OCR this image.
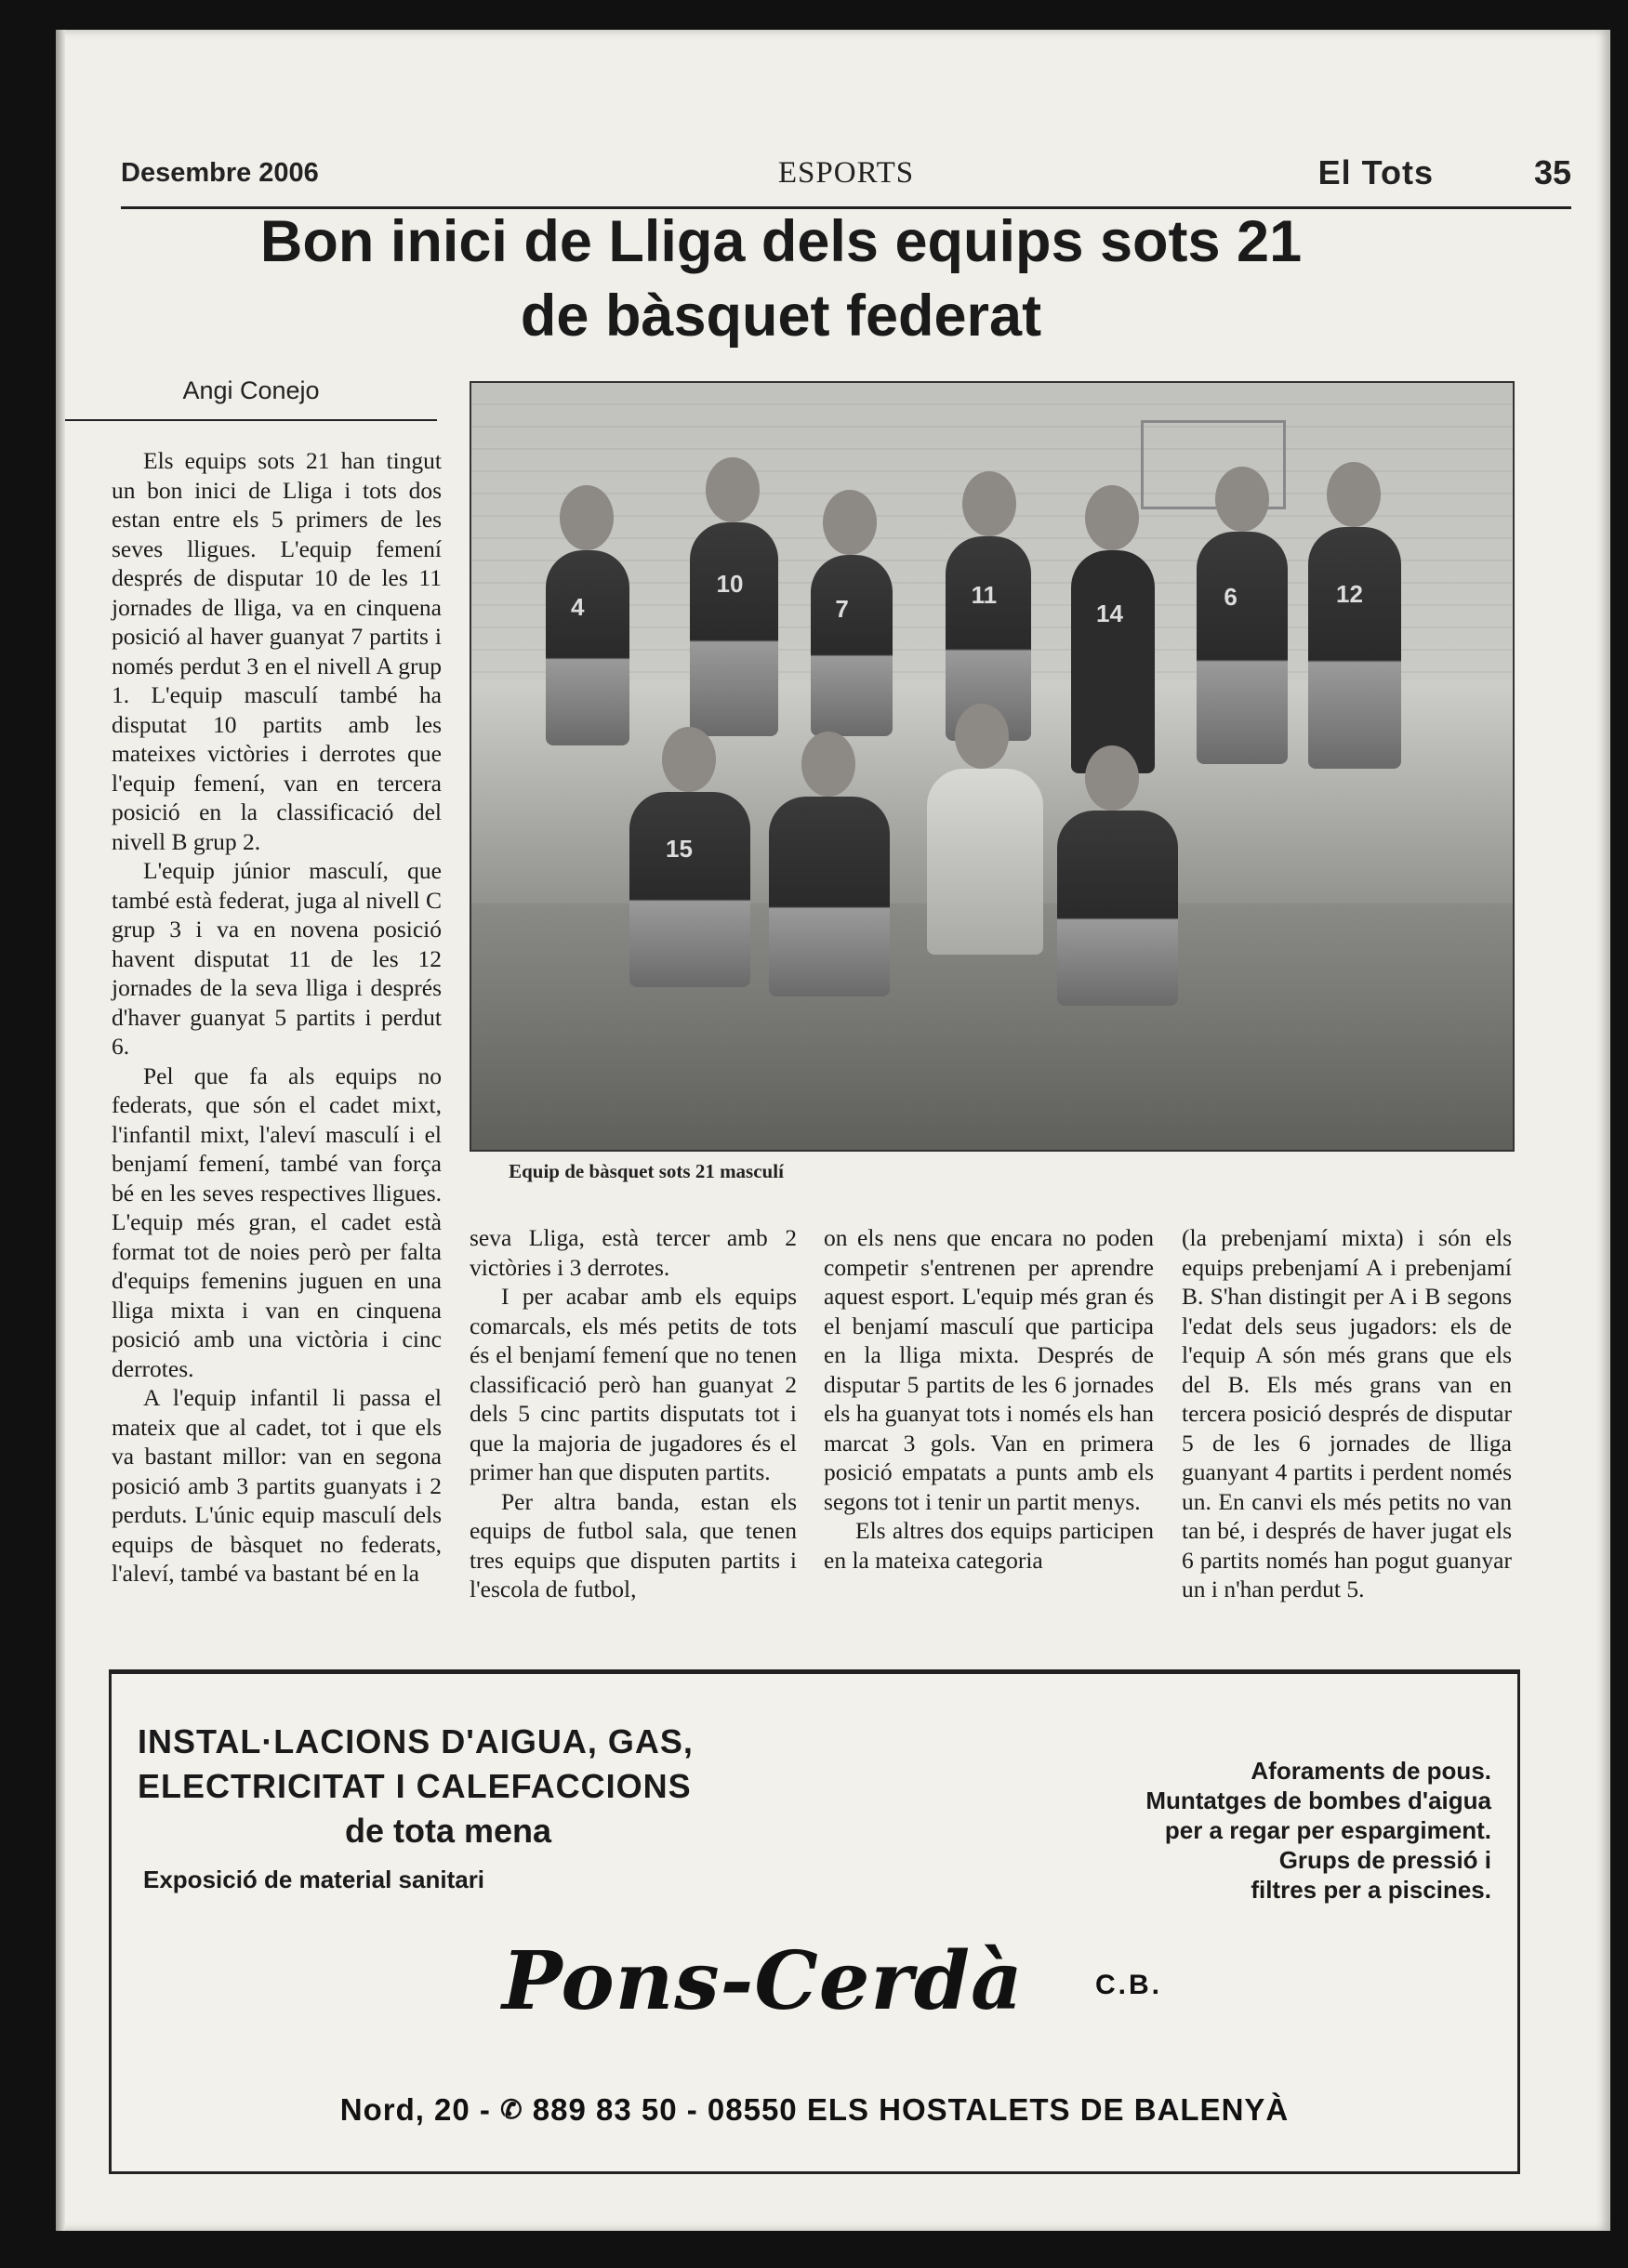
Desembre 2006	ESPORTS	El Tots	35
Bon inici de Lliga dels equips sots 21
de bàsquet federat
Angi Conejo
4
10
7	11
14
6	12
15
Equip de bàsquet sots 21 masculí

Els equips sots 21 han tingut un bon inici de Lliga i tots dos estan entre els 5 primers de les seves lligues. L'equip femení després de disputar 10 de les 11 jornades de lliga, va en cinquena posició al haver guanyat 7 partits i només perdut 3 en el nivell A grup 1. L'equip masculí també ha disputat 10 partits amb les mateixes victòries i derrotes que l'equip femení, van en tercera posició en la classificació del nivell B grup 2.

L'equip júnior masculí, que també està federat, juga al nivell C grup 3 i va en novena posició havent disputat 11 de les 12 jornades de la seva lliga i després d'haver guanyat 5 partits i perdut 6.

Pel que fa als equips no federats, que són el cadet mixt, l'infantil mixt, l'aleví masculí i el benjamí femení, també van força bé en les seves respectives lligues. L'equip més gran, el cadet està format tot de noies però per falta d'equips femenins juguen en una lliga mixta i van en cinquena posició amb una victòria i cinc derrotes.

A l'equip infantil li passa el mateix que al cadet, tot i que els va bastant millor: van en segona posició amb 3 partits guanyats i 2 perduts. L'únic equip masculí dels equips de bàsquet no federats, l'aleví, també va bastant bé en la

seva Lliga, està tercer amb 2 victòries i 3 derrotes.

I per acabar amb els equips comarcals, els més petits de tots és el benjamí femení que no tenen classificació però han guanyat 2 dels 5 cinc partits disputats tot i que la majoria de jugadores és el primer han que disputen partits.

Per altra banda, estan els equips de futbol sala, que tenen tres equips que disputen partits i l'escola de futbol,

on els nens que encara no poden competir s'entrenen per aprendre aquest esport. L'equip més gran és el benjamí masculí que participa en la lliga mixta. Després de disputar 5 partits de les 6 jornades els ha guanyat tots i només els han marcat 3 gols. Van en primera posició empatats a punts amb els segons tot i tenir un partit menys.

Els altres dos equips participen en la mateixa categoria

(la prebenjamí mixta) i són els equips prebenjamí A i prebenjamí B. S'han distingit per A i B segons l'edat dels seus jugadors: els de l'equip A són més grans que els del B. Els més grans van en tercera posició després de disputar 5 de les 6 jornades de lliga guanyant 4 partits i perdent només un. En canvi els més petits no van tan bé, i després de haver jugat els 6 partits només han pogut guanyar un i n'han perdut 5.

INSTAL·LACIONS D'AIGUA, GAS,
ELECTRICITAT I CALEFACCIONS
de tota mena
Exposició de material sanitari
Aforaments de pous.
Muntatges de bombes d'aigua
per a regar per espargiment.
Grups de pressió i
filtres per a piscines.
Pons-Cerdà	C.B.
Nord, 20 - ✆ 889 83 50 - 08550 ELS HOSTALETS DE BALENYÀ
